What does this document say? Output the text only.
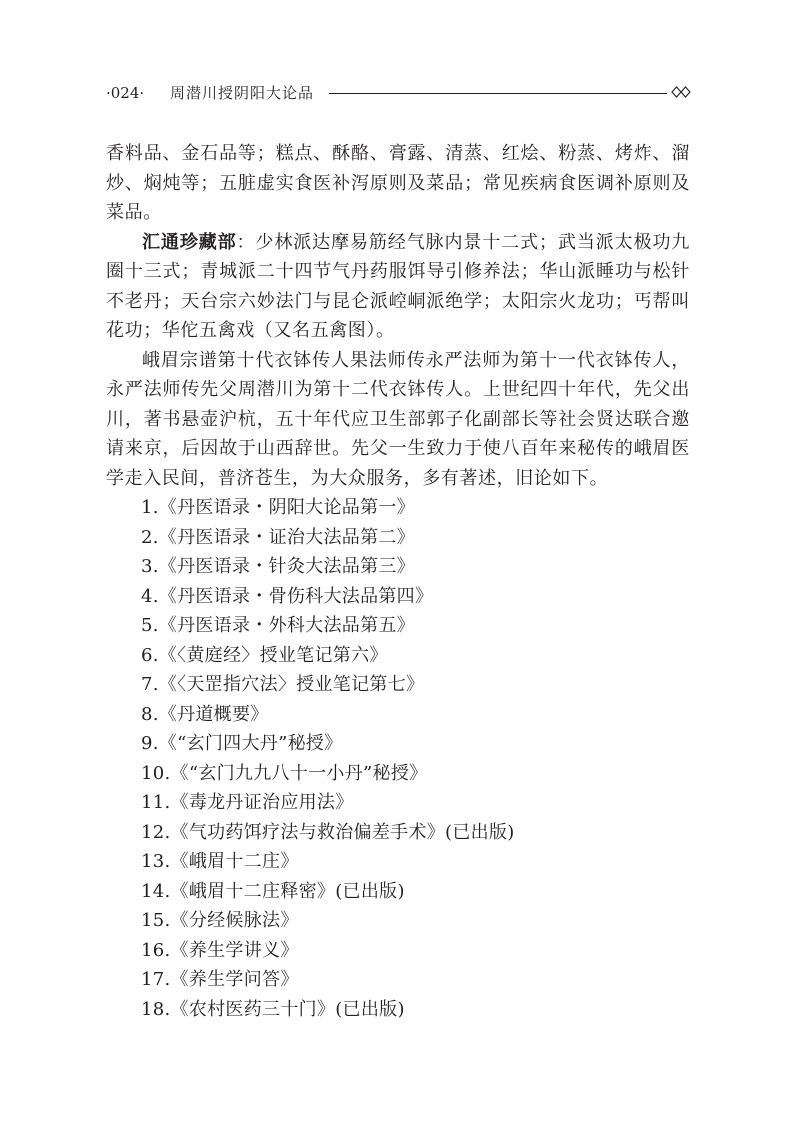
·024· 周潜川授阴阳大论品

香料品、金石品等；糕点、酥酪、膏露、清蒸、红烩、粉蒸、烤炸、溜炒、焖炖等；五脏虚实食医补泻原则及菜品；常见疾病食医调补原则及菜品。

汇通珍藏部：少林派达摩易筋经气脉内景十二式；武当派太极功九圈十三式；青城派二十四节气丹药服饵导引修养法；华山派睡功与松针不老丹；天台宗六妙法门与昆仑派崆峒派绝学；太阳宗火龙功；丐帮叫花功；华佗五禽戏（又名五禽图）。

峨眉宗谱第十代衣钵传人果法师传永严法师为第十一代衣钵传人，永严法师传先父周潜川为第十二代衣钵传人。上世纪四十年代，先父出川，著书悬壶沪杭，五十年代应卫生部郭子化副部长等社会贤达联合邀请来京，后因故于山西辞世。先父一生致力于使八百年来秘传的峨眉医学走入民间，普济苍生，为大众服务，多有著述，旧论如下。

1.《丹医语录・阴阳大论品第一》
2.《丹医语录・证治大法品第二》
3.《丹医语录・针灸大法品第三》
4.《丹医语录・骨伤科大法品第四》
5.《丹医语录・外科大法品第五》
6.《〈黄庭经〉授业笔记第六》
7.《〈天罡指穴法〉授业笔记第七》
8.《丹道概要》
9.《“玄门四大丹”秘授》
10.《“玄门九九八十一小丹”秘授》
11.《毒龙丹证治应用法》
12.《气功药饵疗法与救治偏差手术》(已出版)
13.《峨眉十二庄》
14.《峨眉十二庄释密》(已出版)
15.《分经候脉法》
16.《养生学讲义》
17.《养生学问答》
18.《农村医药三十门》(已出版)
